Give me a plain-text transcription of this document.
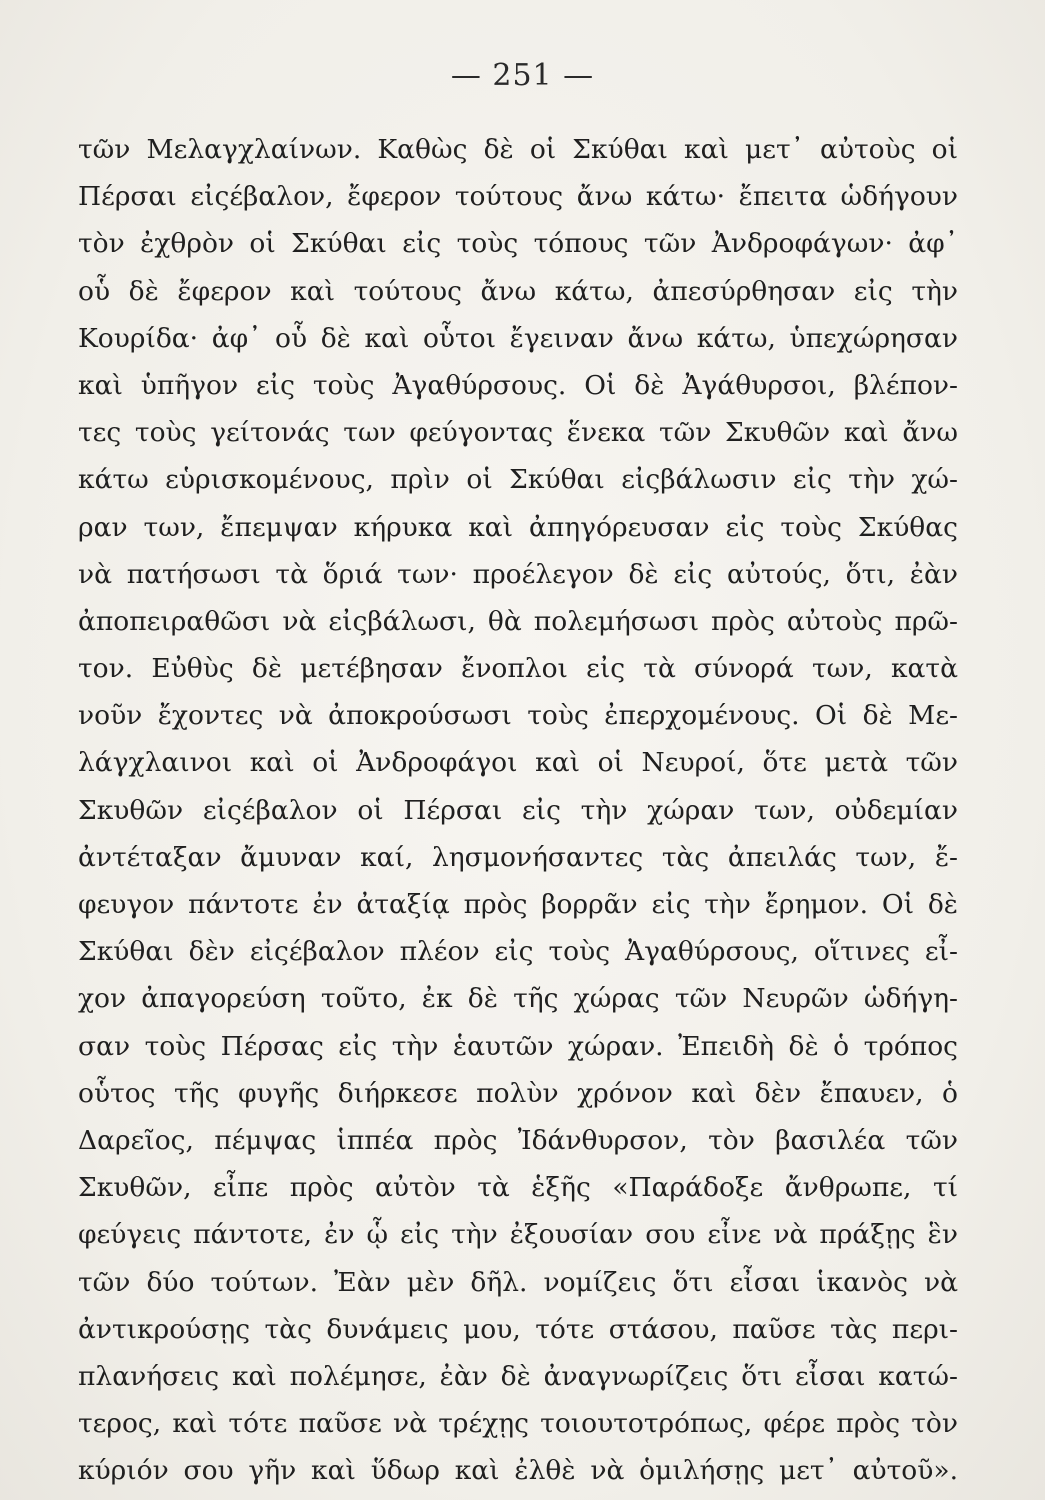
— 251 —
τῶν Μελαγχλαίνων. Καθὼς δὲ οἱ Σκύθαι καὶ μετ᾽ αὐτοὺς οἱ
Πέρσαι εἰςέβαλον, ἔφερον τούτους ἄνω κάτω· ἔπειτα ὡδήγουν
τὸν ἐχθρὸν οἱ Σκύθαι εἰς τοὺς τόπους τῶν Ἀνδροφάγων· ἀφ᾽
οὗ δὲ ἔφερον καὶ τούτους ἄνω κάτω, ἀπεσύρθησαν εἰς τὴν
Κουρίδα· ἀφ᾽ οὗ δὲ καὶ οὗτοι ἔγειναν ἄνω κάτω, ὑπεχώρησαν
καὶ ὑπῆγον εἰς τοὺς Ἀγαθύρσους. Οἱ δὲ Ἀγάθυρσοι, βλέπον-
τες τοὺς γείτονάς των φεύγοντας ἕνεκα τῶν Σκυθῶν καὶ ἄνω
κάτω εὑρισκομένους, πρὶν οἱ Σκύθαι εἰςβάλωσιν εἰς τὴν χώ-
ραν των, ἔπεμψαν κήρυκα καὶ ἀπηγόρευσαν εἰς τοὺς Σκύθας
νὰ πατήσωσι τὰ ὅριά των· προέλεγον δὲ εἰς αὐτούς, ὅτι, ἐὰν
ἀποπειραθῶσι νὰ εἰςβάλωσι, θὰ πολεμήσωσι πρὸς αὐτοὺς πρῶ-
τον. Εὐθὺς δὲ μετέβησαν ἔνοπλοι εἰς τὰ σύνορά των, κατὰ
νοῦν ἔχοντες νὰ ἀποκρούσωσι τοὺς ἐπερχομένους. Οἱ δὲ Με-
λάγχλαινοι καὶ οἱ Ἀνδροφάγοι καὶ οἱ Νευροί, ὅτε μετὰ τῶν
Σκυθῶν εἰςέβαλον οἱ Πέρσαι εἰς τὴν χώραν των, οὐδεμίαν
ἀντέταξαν ἄμυναν καί, λησμονήσαντες τὰς ἀπειλάς των, ἔ-
φευγον πάντοτε ἐν ἀταξίᾳ πρὸς βορρᾶν εἰς τὴν ἔρημον. Οἱ δὲ
Σκύθαι δὲν εἰςέβαλον πλέον εἰς τοὺς Ἀγαθύρσους, οἵτινες εἶ-
χον ἀπαγορεύση τοῦτο, ἐκ δὲ τῆς χώρας τῶν Νευρῶν ὡδήγη-
σαν τοὺς Πέρσας εἰς τὴν ἑαυτῶν χώραν. Ἐπειδὴ δὲ ὁ τρόπος
οὗτος τῆς φυγῆς διήρκεσε πολὺν χρόνον καὶ δὲν ἔπαυεν, ὁ
Δαρεῖος, πέμψας ἱππέα πρὸς Ἰδάνθυρσον, τὸν βασιλέα τῶν
Σκυθῶν, εἶπε πρὸς αὐτὸν τὰ ἑξῆς «Παράδοξε ἄνθρωπε, τί
φεύγεις πάντοτε, ἐν ᾧ εἰς τὴν ἐξουσίαν σου εἶνε νὰ πράξῃς ἓν
τῶν δύο τούτων. Ἐὰν μὲν δῆλ. νομίζεις ὅτι εἶσαι ἱκανὸς νὰ
ἀντικρούσῃς τὰς δυνάμεις μου, τότε στάσου, παῦσε τὰς περι-
πλανήσεις καὶ πολέμησε, ἐὰν δὲ ἀναγνωρίζεις ὅτι εἶσαι κατώ-
τερος, καὶ τότε παῦσε νὰ τρέχῃς τοιουτοτρόπως, φέρε πρὸς τὸν
κύριόν σου γῆν καὶ ὕδωρ καὶ ἐλθὲ νὰ ὁμιλήσῃς μετ᾽ αὐτοῦ».
